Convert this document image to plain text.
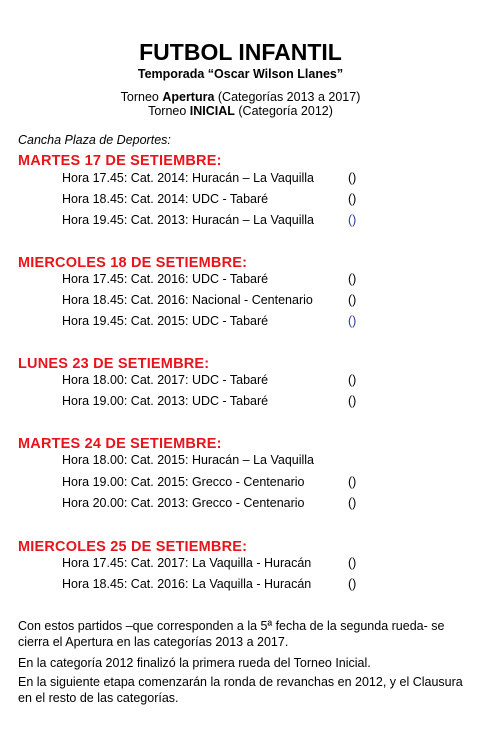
FUTBOL INFANTIL
Temporada “Oscar Wilson Llanes”
Torneo Apertura (Categorías 2013 a 2017)
Torneo INICIAL (Categoría 2012)
Cancha Plaza de Deportes:
MARTES 17 DE SETIEMBRE:
Hora 17.45: Cat. 2014: Huracán – La Vaquilla	()
Hora 18.45: Cat. 2014: UDC - Tabaré	()
Hora 19.45: Cat. 2013: Huracán – La Vaquilla	()
MIERCOLES 18 DE SETIEMBRE:
Hora 17.45: Cat. 2016: UDC - Tabaré	()
Hora 18.45: Cat. 2016: Nacional - Centenario	()
Hora 19.45: Cat. 2015: UDC - Tabaré	()
LUNES 23 DE SETIEMBRE:
Hora 18.00: Cat. 2017: UDC - Tabaré	()
Hora 19.00: Cat. 2013: UDC - Tabaré	()
MARTES 24 DE SETIEMBRE:
Hora 18.00: Cat. 2015: Huracán – La Vaquilla
Hora 19.00: Cat. 2015: Grecco - Centenario	()
Hora 20.00: Cat. 2013: Grecco - Centenario	()
MIERCOLES 25 DE SETIEMBRE:
Hora 17.45: Cat. 2017: La Vaquilla - Huracán	()
Hora 18.45: Cat. 2016: La Vaquilla - Huracán	()
Con estos partidos –que corresponden a la 5ª fecha de la segunda rueda- se cierra el Apertura en las categorías 2013 a 2017.
En la categoría 2012 finalizó la primera rueda del Torneo Inicial.
En la siguiente etapa comenzarán la ronda de revanchas en 2012, y el Clausura en el resto de las categorías.
